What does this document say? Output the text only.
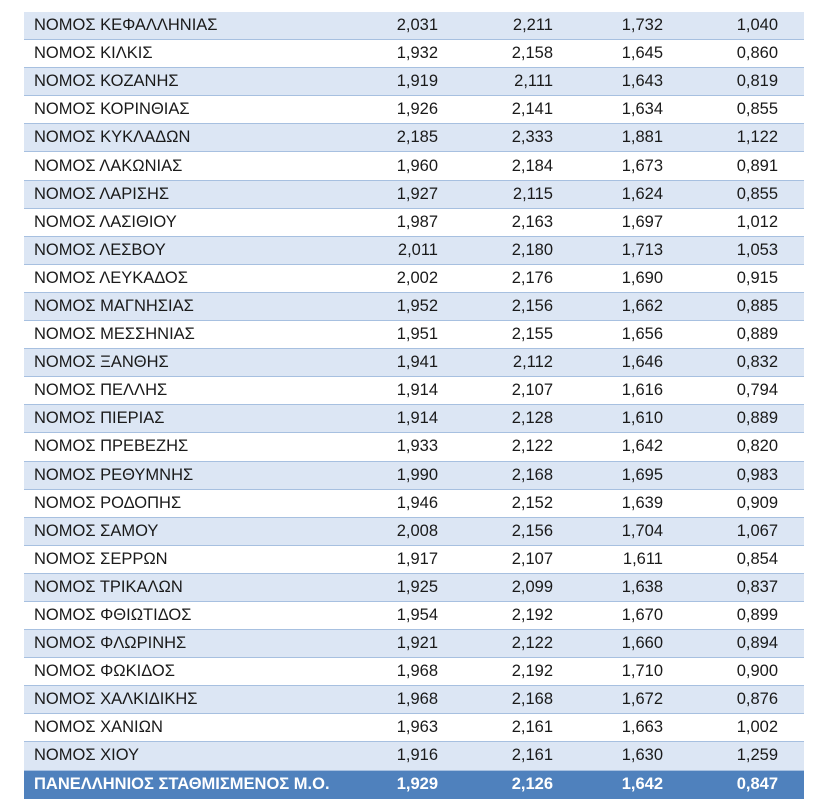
ΝΟΜΟΣ ΚΕΦΑΛΛΗΝΙΑΣ	2,031	2,211	1,732	1,040
ΝΟΜΟΣ ΚΙΛΚΙΣ	1,932	2,158	1,645	0,860
ΝΟΜΟΣ ΚΟΖΑΝΗΣ	1,919	2,111	1,643	0,819
ΝΟΜΟΣ ΚΟΡΙΝΘΙΑΣ	1,926	2,141	1,634	0,855
ΝΟΜΟΣ ΚΥΚΛΑΔΩΝ	2,185	2,333	1,881	1,122
ΝΟΜΟΣ ΛΑΚΩΝΙΑΣ	1,960	2,184	1,673	0,891
ΝΟΜΟΣ ΛΑΡΙΣΗΣ	1,927	2,115	1,624	0,855
ΝΟΜΟΣ ΛΑΣΙΘΙΟΥ	1,987	2,163	1,697	1,012
ΝΟΜΟΣ ΛΕΣΒΟΥ	2,011	2,180	1,713	1,053
ΝΟΜΟΣ ΛΕΥΚΑΔΟΣ	2,002	2,176	1,690	0,915
ΝΟΜΟΣ ΜΑΓΝΗΣΙΑΣ	1,952	2,156	1,662	0,885
ΝΟΜΟΣ ΜΕΣΣΗΝΙΑΣ	1,951	2,155	1,656	0,889
ΝΟΜΟΣ ΞΑΝΘΗΣ	1,941	2,112	1,646	0,832
ΝΟΜΟΣ ΠΕΛΛΗΣ	1,914	2,107	1,616	0,794
ΝΟΜΟΣ ΠΙΕΡΙΑΣ	1,914	2,128	1,610	0,889
ΝΟΜΟΣ ΠΡΕΒΕΖΗΣ	1,933	2,122	1,642	0,820
ΝΟΜΟΣ ΡΕΘΥΜΝΗΣ	1,990	2,168	1,695	0,983
ΝΟΜΟΣ ΡΟΔΟΠΗΣ	1,946	2,152	1,639	0,909
ΝΟΜΟΣ ΣΑΜΟΥ	2,008	2,156	1,704	1,067
ΝΟΜΟΣ ΣΕΡΡΩΝ	1,917	2,107	1,611	0,854
ΝΟΜΟΣ ΤΡΙΚΑΛΩΝ	1,925	2,099	1,638	0,837
ΝΟΜΟΣ ΦΘΙΩΤΙΔΟΣ	1,954	2,192	1,670	0,899
ΝΟΜΟΣ ΦΛΩΡΙΝΗΣ	1,921	2,122	1,660	0,894
ΝΟΜΟΣ ΦΩΚΙΔΟΣ	1,968	2,192	1,710	0,900
ΝΟΜΟΣ ΧΑΛΚΙΔΙΚΗΣ	1,968	2,168	1,672	0,876
ΝΟΜΟΣ ΧΑΝΙΩΝ	1,963	2,161	1,663	1,002
ΝΟΜΟΣ ΧΙΟΥ	1,916	2,161	1,630	1,259
ΠΑΝΕΛΛΗΝΙΟΣ ΣΤΑΘΜΙΣΜΕΝΟΣ Μ.Ο.	1,929	2,126	1,642	0,847
